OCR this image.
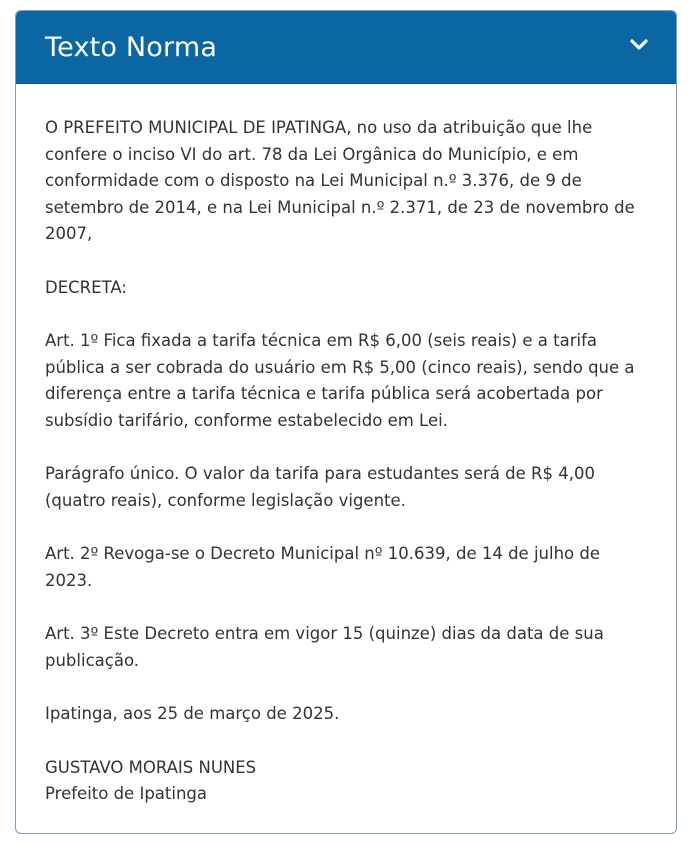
Texto Norma

O PREFEITO MUNICIPAL DE IPATINGA, no uso da atribuição que lhe confere o inciso VI do art. 78 da Lei Orgânica do Município, e em conformidade com o disposto na Lei Municipal n.º 3.376, de 9 de setembro de 2014, e na Lei Municipal n.º 2.371, de 23 de novembro de 2007,

DECRETA:

Art. 1º Fica fixada a tarifa técnica em R$ 6,00 (seis reais) e a tarifa pública a ser cobrada do usuário em R$ 5,00 (cinco reais), sendo que a diferença entre a tarifa técnica e tarifa pública será acobertada por subsídio tarifário, conforme estabelecido em Lei.

Parágrafo único. O valor da tarifa para estudantes será de R$ 4,00 (quatro reais), conforme legislação vigente.

Art. 2º Revoga-se o Decreto Municipal nº 10.639, de 14 de julho de 2023.

Art. 3º Este Decreto entra em vigor 15 (quinze) dias da data de sua publicação.

Ipatinga, aos 25 de março de 2025.

GUSTAVO MORAIS NUNES

Prefeito de Ipatinga
